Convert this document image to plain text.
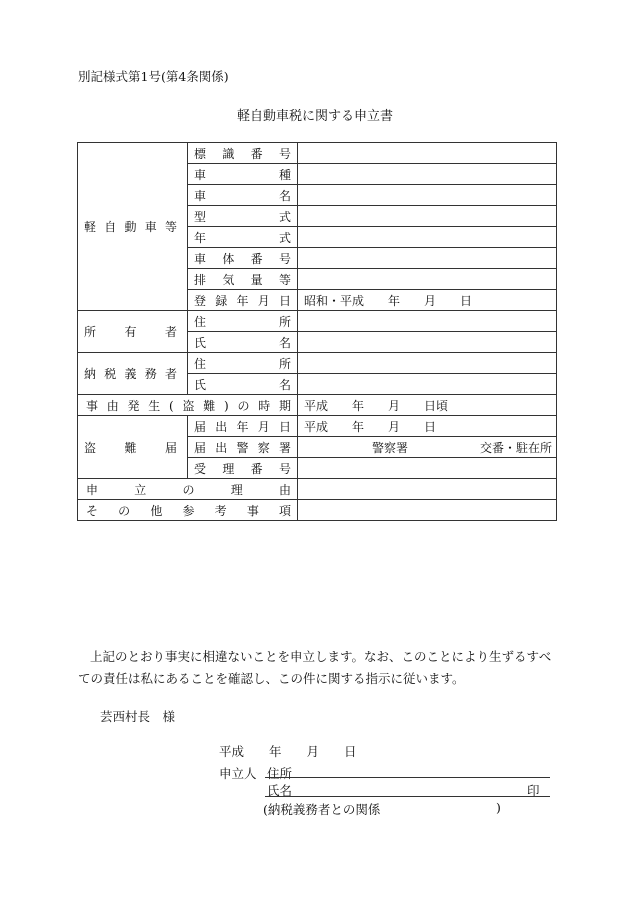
別記様式第1号(第4条関係)
軽自動車税に関する申立書
軽自動車等	標識番号	
	車種	
	車名	
	型式	
	年式	
	車体番号	
	排気量等	
	登録年月日	昭和・平成　　年　　月　　日
所有者	住所	
	氏名	
納税義務者	住所	
	氏名	
事由発生(盗難)の時期		平成　　年　　月　　日頃
盗難届	届出年月日	平成　　年　　月　　日
	届出警察署	警察署 交番・駐在所

	受理番号	
申立の理由		
その他参考事項		
上記のとおり事実に相違ないことを申立します。なお、このことにより生ずるすべての責任は私にあることを確認し、この件に関する指示に従います。
芸西村長　様
平成　　年　　月　　日
申立人 住所
氏名	印
(納税義務者との関係	)
